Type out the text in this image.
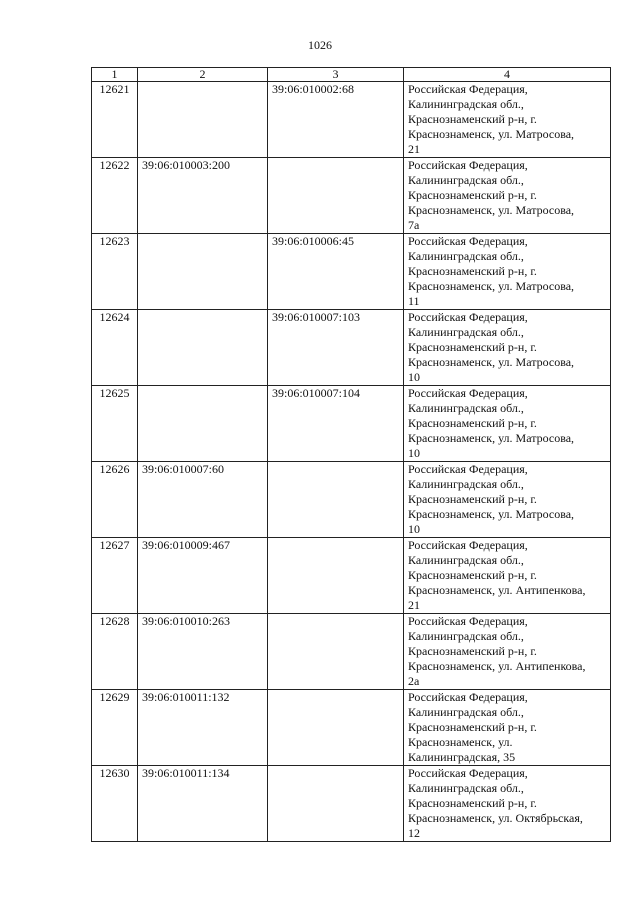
1026
1	2	3	4
12621		39:06:010002:68	Российская Федерация,
Калининградская обл.,
Краснознаменский р-н, г.
Краснознаменск, ул. Матросова,
21

12622	39:06:010003:200		Российская Федерация,
Калининградская обл.,
Краснознаменский р-н, г.
Краснознаменск, ул. Матросова,
7а

12623		39:06:010006:45	Российская Федерация,
Калининградская обл.,
Краснознаменский р-н, г.
Краснознаменск, ул. Матросова,
11

12624		39:06:010007:103	Российская Федерация,
Калининградская обл.,
Краснознаменский р-н, г.
Краснознаменск, ул. Матросова,
10

12625		39:06:010007:104	Российская Федерация,
Калининградская обл.,
Краснознаменский р-н, г.
Краснознаменск, ул. Матросова,
10

12626	39:06:010007:60		Российская Федерация,
Калининградская обл.,
Краснознаменский р-н, г.
Краснознаменск, ул. Матросова,
10

12627	39:06:010009:467		Российская Федерация,
Калининградская обл.,
Краснознаменский р-н, г.
Краснознаменск, ул. Антипенкова,
21

12628	39:06:010010:263		Российская Федерация,
Калининградская обл.,
Краснознаменский р-н, г.
Краснознаменск, ул. Антипенкова,
2а

12629	39:06:010011:132		Российская Федерация,
Калининградская обл.,
Краснознаменский р-н, г.
Краснознаменск, ул.
Калининградская, 35

12630	39:06:010011:134		Российская Федерация,
Калининградская обл.,
Краснознаменский р-н, г.
Краснознаменск, ул. Октябрьская,
12
